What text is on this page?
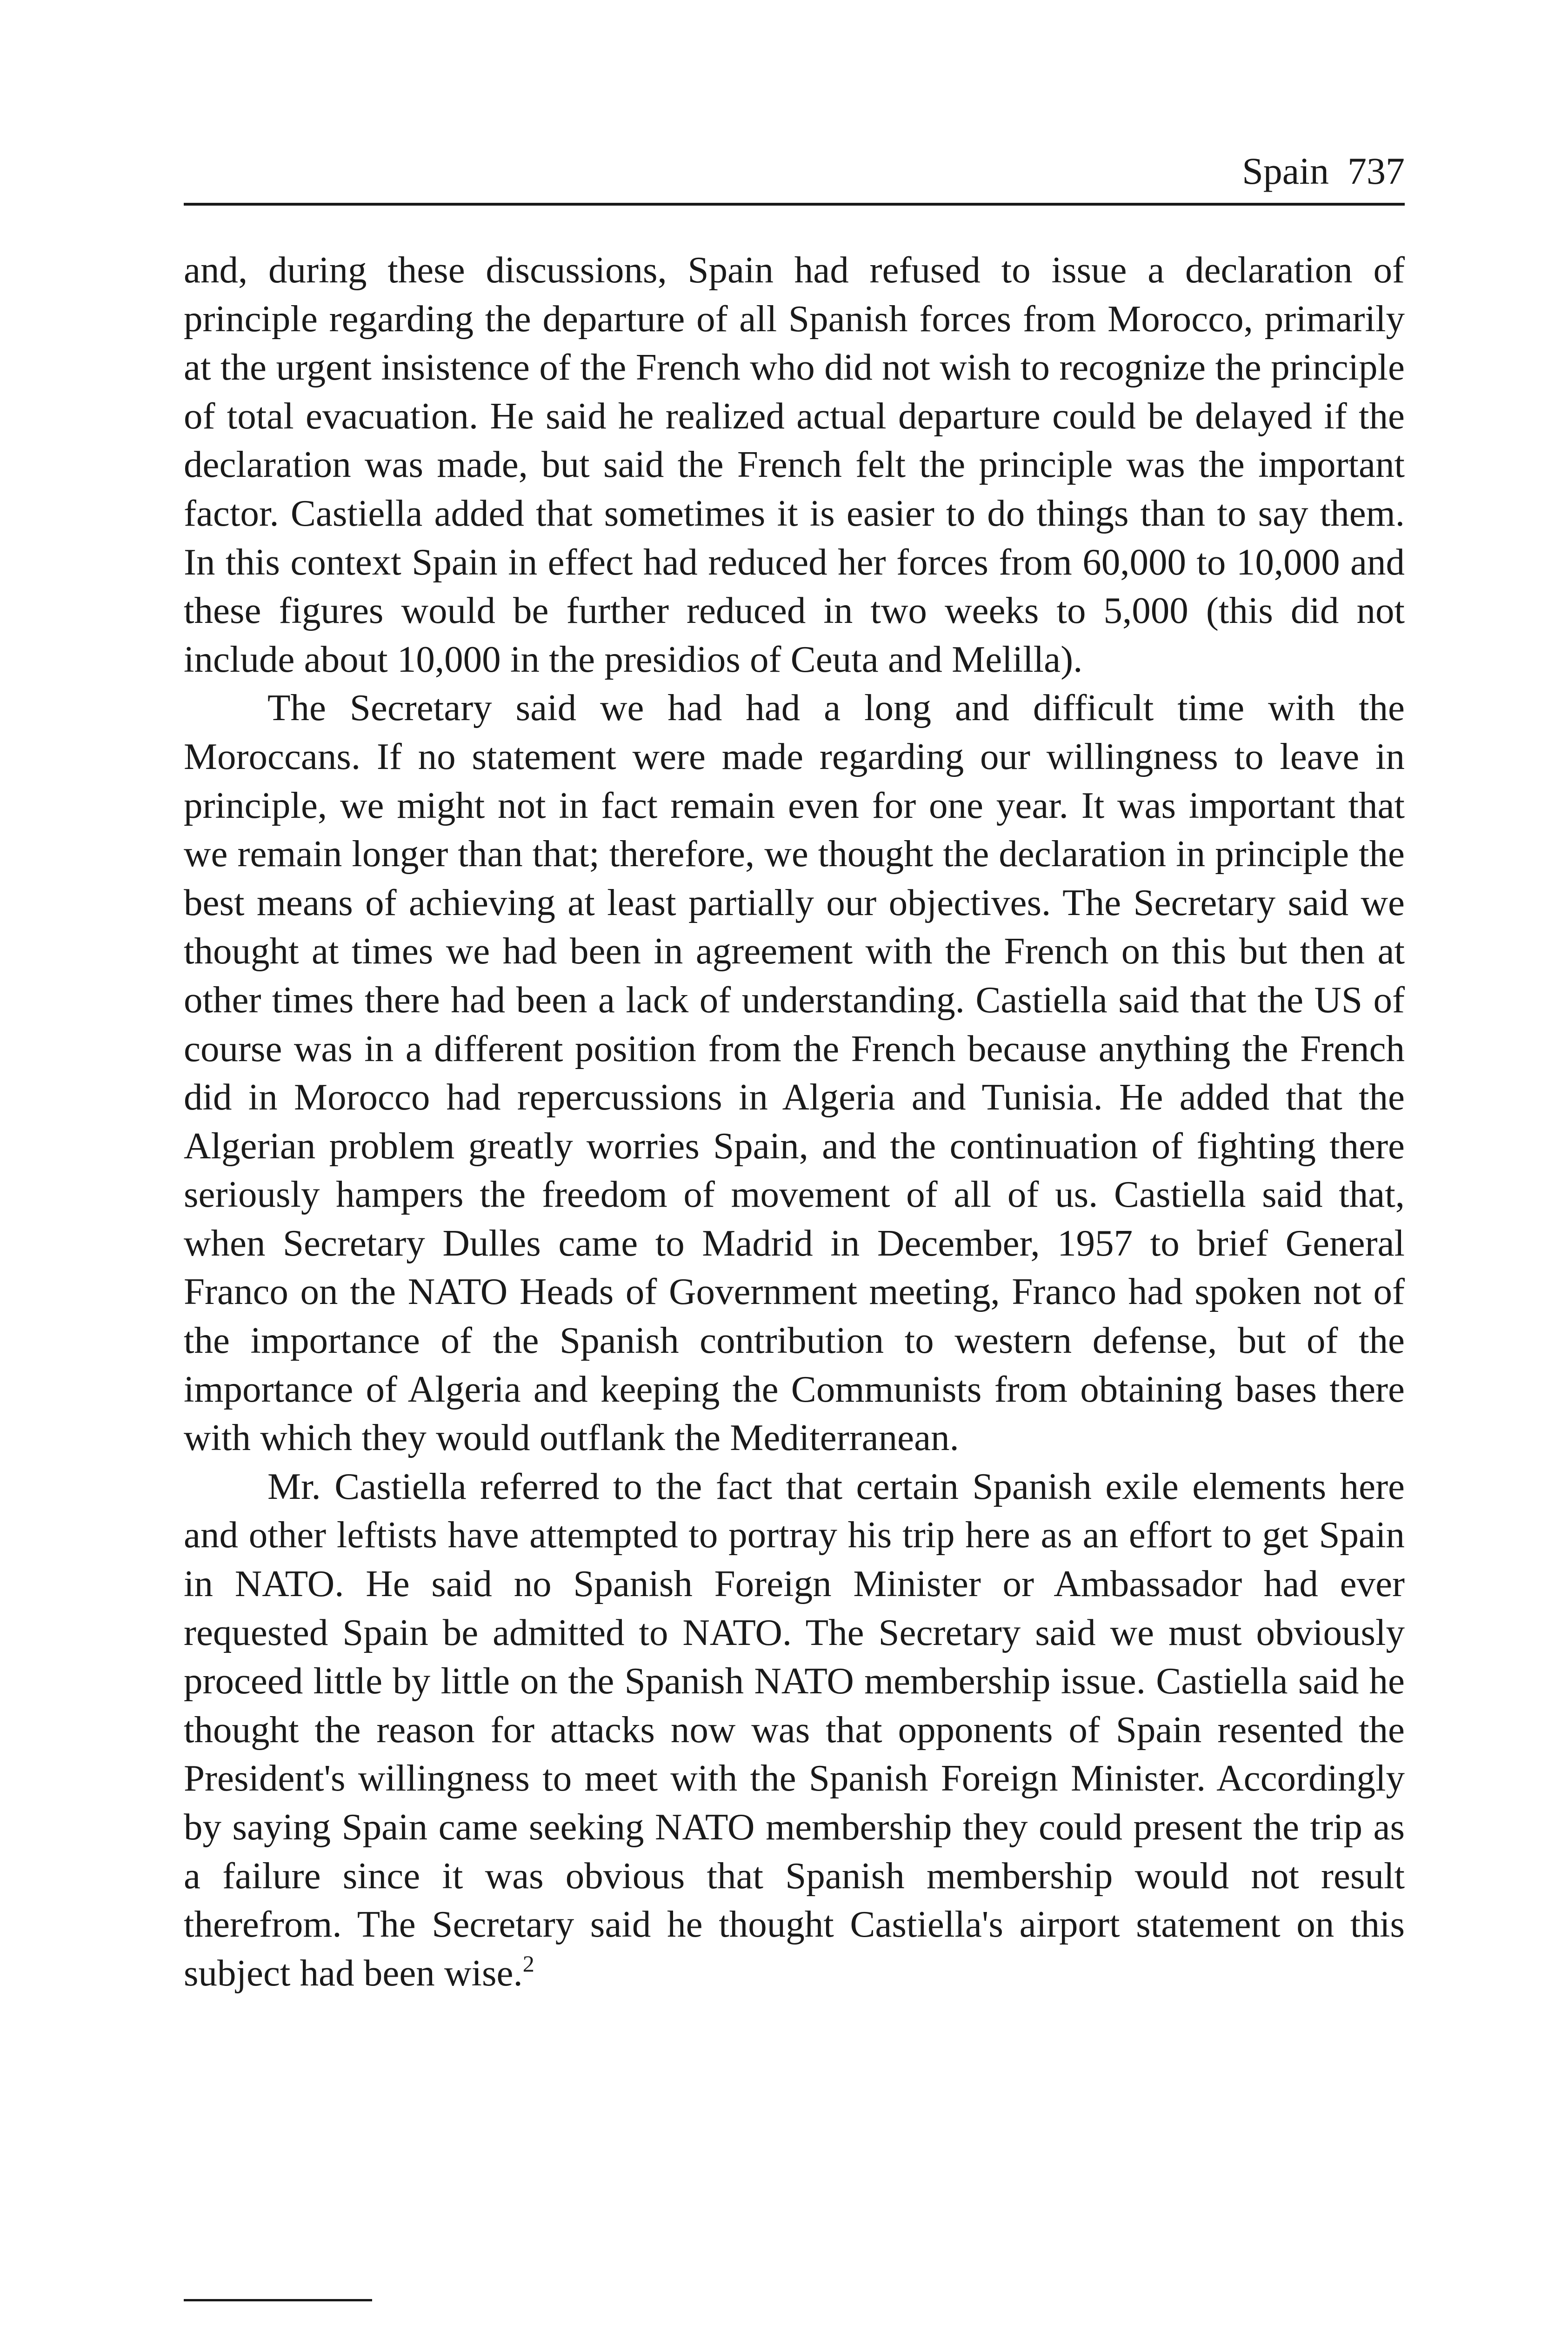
Spain 737

and, during these discussions, Spain had refused to issue a declaration of principle regarding the departure of all Spanish forces from Morocco, primarily at the urgent insistence of the French who did not wish to recognize the principle of total evacuation. He said he realized actual departure could be delayed if the declaration was made, but said the French felt the principle was the important factor. Castiella added that sometimes it is easier to do things than to say them. In this context Spain in effect had reduced her forces from 60,000 to 10,000 and these figures would be further reduced in two weeks to 5,000 (this did not include about 10,000 in the presidios of Ceuta and Melilla).

The Secretary said we had had a long and difficult time with the Moroccans. If no statement were made regarding our willingness to leave in principle, we might not in fact remain even for one year. It was important that we remain longer than that; therefore, we thought the declaration in principle the best means of achieving at least partially our objectives. The Secretary said we thought at times we had been in agreement with the French on this but then at other times there had been a lack of understanding. Castiella said that the US of course was in a different position from the French because anything the French did in Morocco had repercussions in Algeria and Tunisia. He added that the Algerian problem greatly worries Spain, and the continuation of fighting there seriously hampers the freedom of movement of all of us. Castiella said that, when Secretary Dulles came to Madrid in December, 1957 to brief General Franco on the NATO Heads of Government meeting, Franco had spoken not of the importance of the Spanish contribution to western defense, but of the importance of Algeria and keeping the Communists from obtaining bases there with which they would outflank the Mediterranean.

Mr. Castiella referred to the fact that certain Spanish exile elements here and other leftists have attempted to portray his trip here as an effort to get Spain in NATO. He said no Spanish Foreign Minister or Ambassador had ever requested Spain be admitted to NATO. The Secretary said we must obviously proceed little by little on the Spanish NATO membership issue. Castiella said he thought the reason for attacks now was that opponents of Spain resented the President's willingness to meet with the Spanish Foreign Minister. Accordingly by saying Spain came seeking NATO membership they could present the trip as a failure since it was obvious that Spanish membership would not result therefrom. The Secretary said he thought Castiella's airport statement on this subject had been wise.$^2$
